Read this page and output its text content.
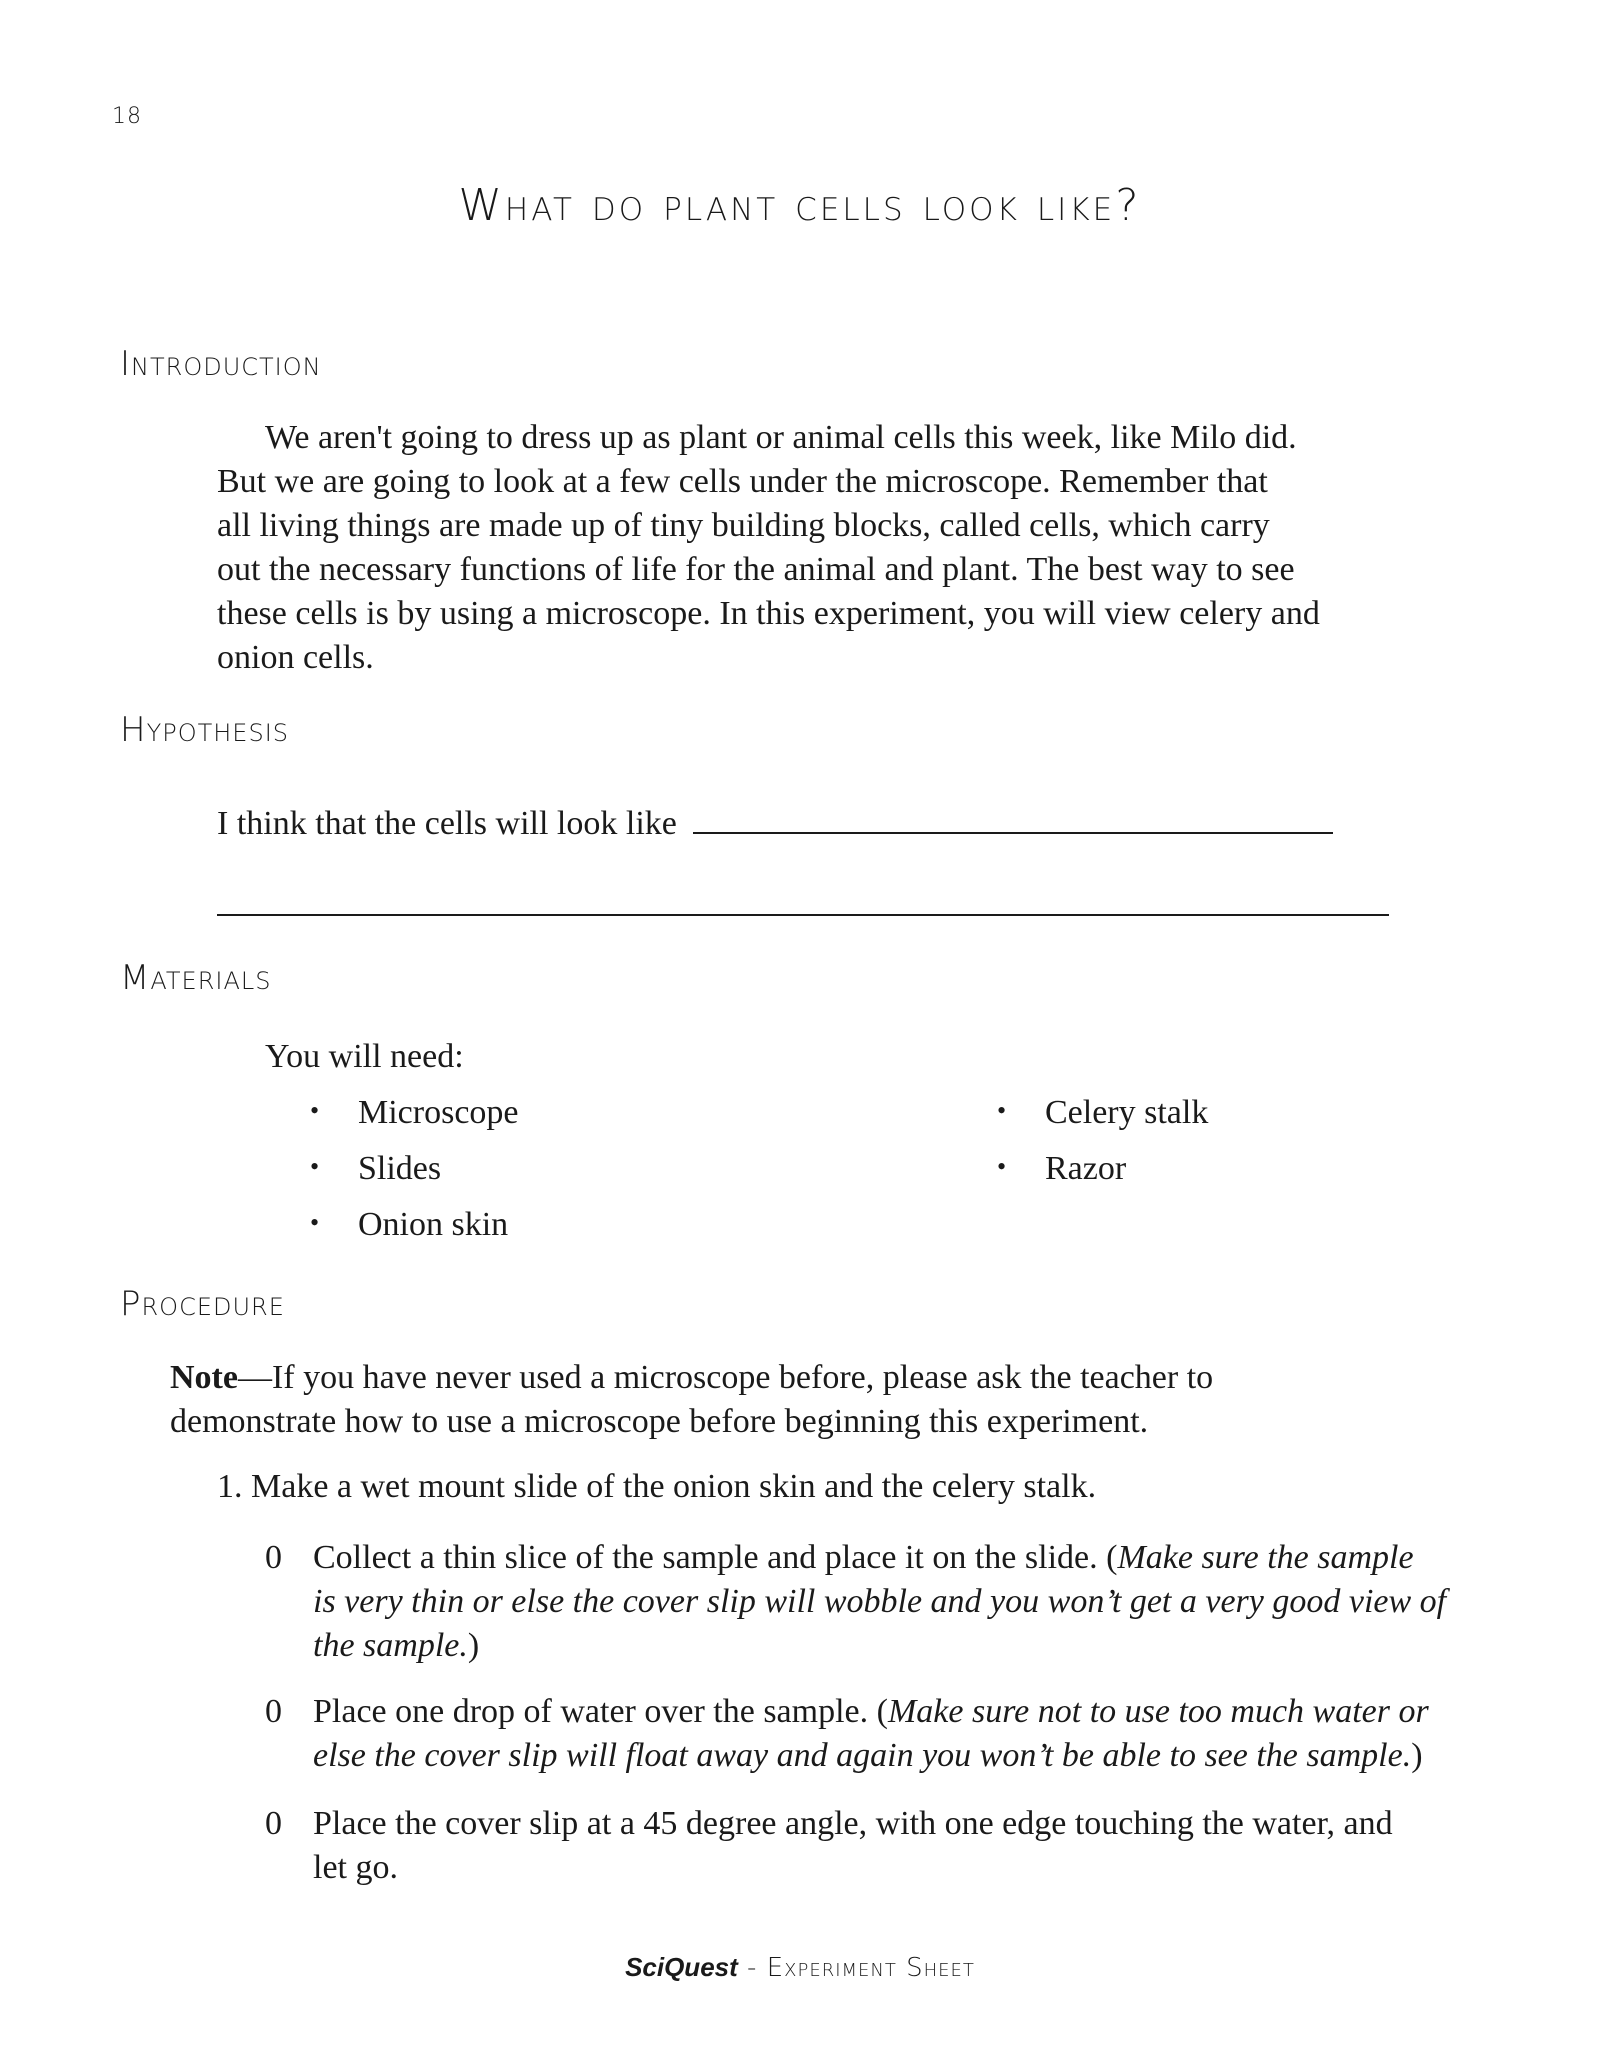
18
What do plant cells look like?
Introduction
We aren't going to dress up as plant or animal cells this week, like Milo did.
But we are going to look at a few cells under the microscope. Remember that
all living things are made up of tiny building blocks, called cells, which carry
out the necessary functions of life for the animal and plant. The best way to see
these cells is by using a microscope. In this experiment, you will view celery and
onion cells.
Hypothesis
I think that the cells will look like
Materials
You will need:
• Microscope
• Slides
• Onion skin
• Celery stalk
• Razor
Procedure
Note—If you have never used a microscope before, please ask the teacher to
demonstrate how to use a microscope before beginning this experiment.
1. Make a wet mount slide of the onion skin and the celery stalk.
0 Collect a thin slice of the sample and place it on the slide. (Make sure the sample
is very thin or else the cover slip will wobble and you won’t get a very good view of
the sample.)
0 Place one drop of water over the sample. (Make sure not to use too much water or
else the cover slip will float away and again you won’t be able to see the sample.)
0 Place the cover slip at a 45 degree angle, with one edge touching the water, and
let go.
SciQuest - Experiment Sheet
